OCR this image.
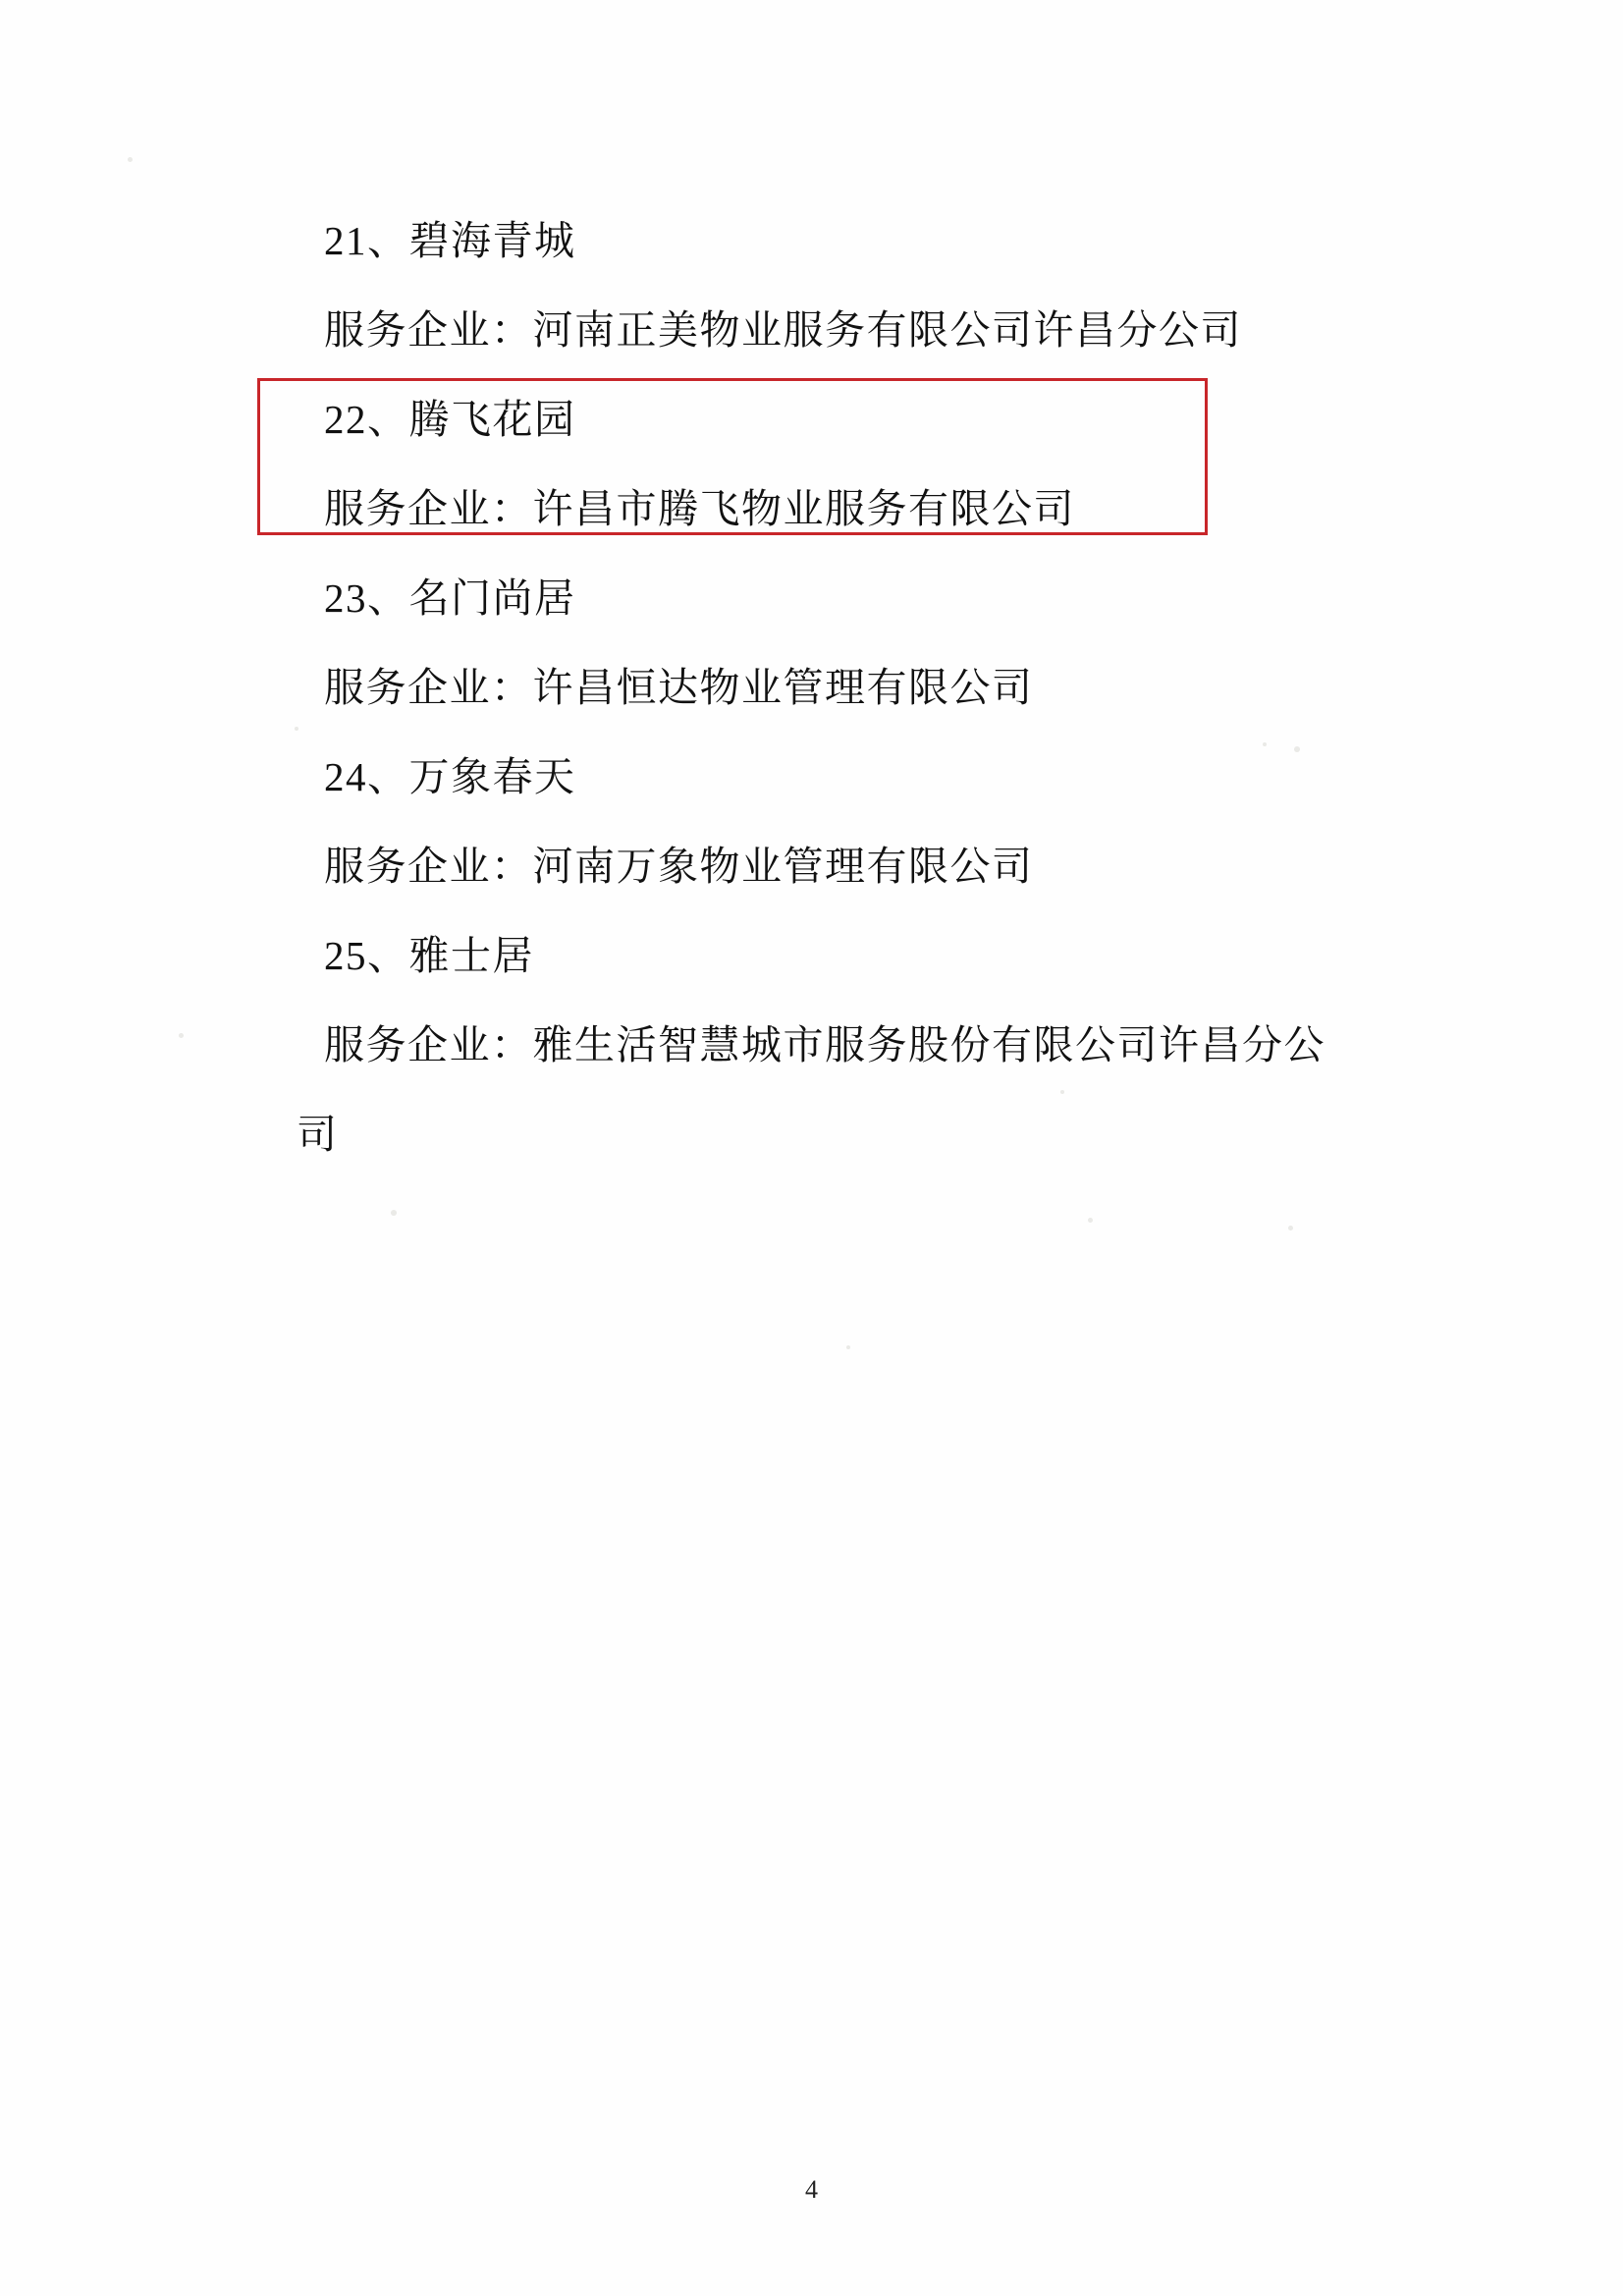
21、碧海青城
服务企业：河南正美物业服务有限公司许昌分公司
22、腾飞花园
服务企业：许昌市腾飞物业服务有限公司
23、名门尚居
服务企业：许昌恒达物业管理有限公司
24、万象春天
服务企业：河南万象物业管理有限公司
25、雅士居
服务企业：雅生活智慧城市服务股份有限公司许昌分公
司
4
